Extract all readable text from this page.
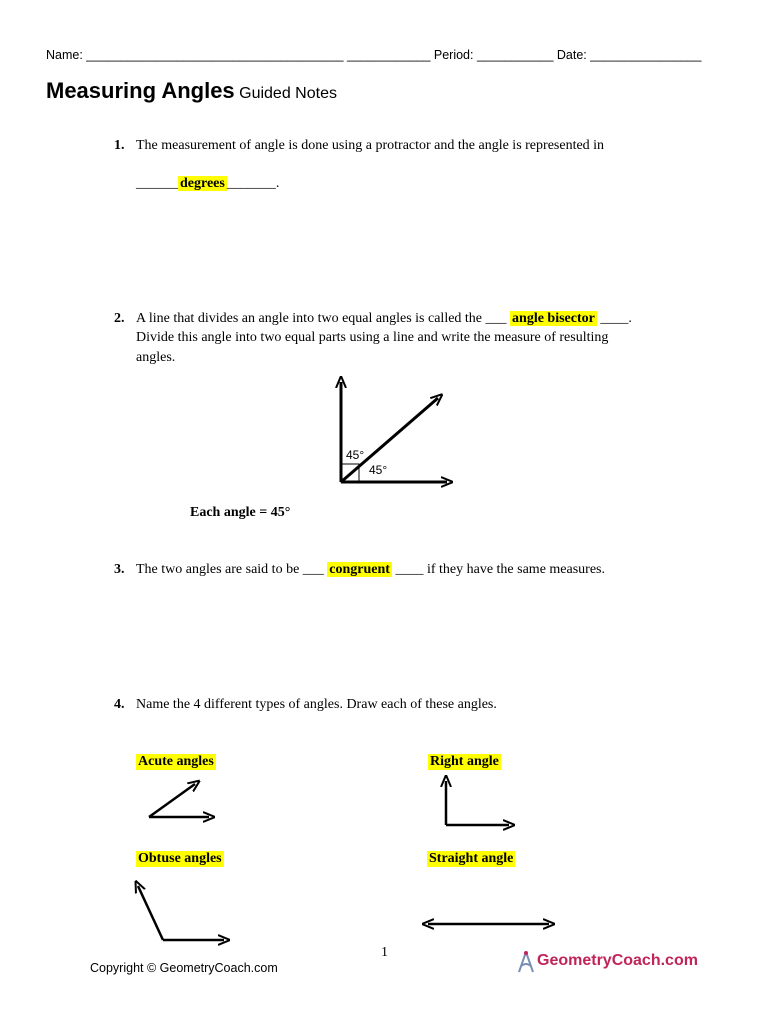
Name: _____________________________________ ____________ Period: ___________ Date: ________________
Measuring Angles Guided Notes
1. The measurement of angle is done using a protractor and the angle is represented in
______ degrees _______.
2. A line that divides an angle into two equal angles is called the ___ angle bisector ____.
Divide this angle into two equal parts using a line and write the measure of resulting
angles.
45°
45°
Each angle = 45°
3. The two angles are said to be ___ congruent ____ if they have the same measures.
4. Name the 4 different types of angles. Draw each of these angles.
Acute angles	Right angle
Obtuse angles	Straight angle
1
Copyright © GeometryCoach.com	GeometryCoach.com
